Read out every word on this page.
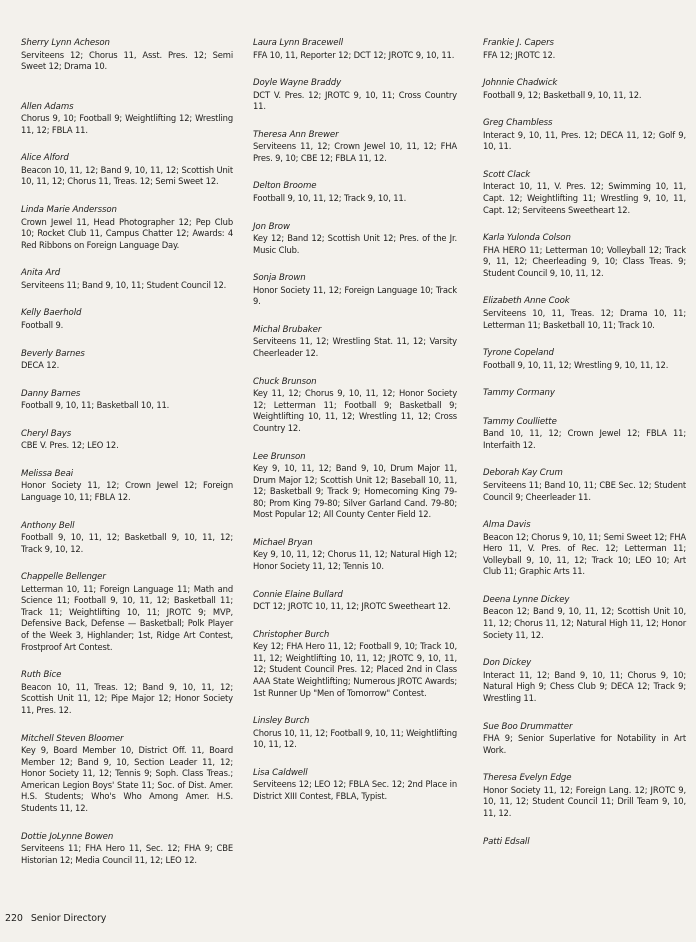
Sherry Lynn Acheson
Serviteens 12; Chorus 11, Asst. Pres. 12; Semi Sweet 12; Drama 10.
Allen Adams
Chorus 9, 10; Football 9; Weightlifting 12; Wrestling 11, 12; FBLA 11.
Alice Alford
Beacon 10, 11, 12; Band 9, 10, 11, 12; Scottish Unit 10, 11, 12; Chorus 11, Treas. 12; Semi Sweet 12.
Linda Marie Andersson
Crown Jewel 11, Head Photographer 12; Pep Club 10; Rocket Club 11, Campus Chatter 12; Awards: 4 Red Ribbons on Foreign Language Day.
Anita Ard
Serviteens 11; Band 9, 10, 11; Student Council 12.
Kelly Baerhold
Football 9.
Beverly Barnes
DECA 12.
Danny Barnes
Football 9, 10, 11; Basketball 10, 11.
Cheryl Bays
CBE V. Pres. 12; LEO 12.
Melissa Beai
Honor Society 11, 12; Crown Jewel 12; Foreign Language 10, 11; FBLA 12.
Anthony Bell
Football 9, 10, 11, 12; Basketball 9, 10, 11, 12; Track 9, 10, 12.
Chappelle Bellenger
Letterman 10, 11; Foreign Language 11; Math and Science 11; Football 9, 10, 11, 12; Basketball 11; Track 11; Weightlifting 10, 11; JROTC 9; MVP, Defensive Back, Defense — Basketball; Polk Player of the Week 3, Highlander; 1st, Ridge Art Contest, Frostproof Art Contest.
Ruth Bice
Beacon 10, 11, Treas. 12; Band 9, 10, 11, 12; Scottish Unit 11, 12; Pipe Major 12; Honor Society 11, Pres. 12.
Mitchell Steven Bloomer
Key 9, Board Member 10, District Off. 11, Board Member 12; Band 9, 10, Section Leader 11, 12; Honor Society 11, 12; Tennis 9; Soph. Class Treas.; American Legion Boys' State 11; Soc. of Dist. Amer. H.S. Students; Who's Who Among Amer. H.S. Students 11, 12.
Dottie JoLynne Bowen
Serviteens 11; FHA Hero 11, Sec. 12; FHA 9; CBE Historian 12; Media Council 11, 12; LEO 12.
Laura Lynn Bracewell
FFA 10, 11, Reporter 12; DCT 12; JROTC 9, 10, 11.
Doyle Wayne Braddy
DCT V. Pres. 12; JROTC 9, 10, 11; Cross Country 11.
Theresa Ann Brewer
Serviteens 11, 12; Crown Jewel 10, 11, 12; FHA Pres. 9, 10; CBE 12; FBLA 11, 12.
Delton Broome
Football 9, 10, 11, 12; Track 9, 10, 11.
Jon Brow
Key 12; Band 12; Scottish Unit 12; Pres. of the Jr. Music Club.
Sonja Brown
Honor Society 11, 12; Foreign Language 10; Track 9.
Michal Brubaker
Serviteens 11, 12; Wrestling Stat. 11, 12; Varsity Cheerleader 12.
Chuck Brunson
Key 11, 12; Chorus 9, 10, 11, 12; Honor Society 12; Letterman 11; Football 9; Basketball 9; Weightlifting 10, 11, 12; Wrestling 11, 12; Cross Country 12.
Lee Brunson
Key 9, 10, 11, 12; Band 9, 10, Drum Major 11, Drum Major 12; Scottish Unit 12; Baseball 10, 11, 12; Basketball 9; Track 9; Homecoming King 79-80; Prom King 79-80; Silver Garland Cand. 79-80; Most Popular 12; All County Center Field 12.
Michael Bryan
Key 9, 10, 11, 12; Chorus 11, 12; Natural High 12; Honor Society 11, 12; Tennis 10.
Connie Elaine Bullard
DCT 12; JROTC 10, 11, 12; JROTC Sweetheart 12.
Christopher Burch
Key 12; FHA Hero 11, 12; Football 9, 10; Track 10, 11, 12; Weightlifting 10, 11, 12; JROTC 9, 10, 11, 12; Student Council Pres. 12; Placed 2nd in Class AAA State Weightlifting; Numerous JROTC Awards; 1st Runner Up "Men of Tomorrow" Contest.
Linsley Burch
Chorus 10, 11, 12; Football 9, 10, 11; Weightlifting 10, 11, 12.
Lisa Caldwell
Serviteens 12; LEO 12; FBLA Sec. 12; 2nd Place in District XIII Contest, FBLA, Typist.
Frankie J. Capers
FFA 12; JROTC 12.
Johnnie Chadwick
Football 9, 12; Basketball 9, 10, 11, 12.
Greg Chambless
Interact 9, 10, 11, Pres. 12; DECA 11, 12; Golf 9, 10, 11.
Scott Clack
Interact 10, 11, V. Pres. 12; Swimming 10, 11, Capt. 12; Weightlifting 11; Wrestling 9, 10, 11, Capt. 12; Serviteens Sweetheart 12.
Karla Yulonda Colson
FHA HERO 11; Letterman 10; Volleyball 12; Track 9, 11, 12; Cheerleading 9, 10; Class Treas. 9; Student Council 9, 10, 11, 12.
Elizabeth Anne Cook
Serviteens 10, 11, Treas. 12; Drama 10, 11; Letterman 11; Basketball 10, 11; Track 10.
Tyrone Copeland
Football 9, 10, 11, 12; Wrestling 9, 10, 11, 12.
Tammy Cormany
Tammy Coulliette
Band 10, 11, 12; Crown Jewel 12; FBLA 11; Interfaith 12.
Deborah Kay Crum
Serviteens 11; Band 10, 11; CBE Sec. 12; Student Council 9; Cheerleader 11.
Alma Davis
Beacon 12; Chorus 9, 10, 11; Semi Sweet 12; FHA Hero 11, V. Pres. of Rec. 12; Letterman 11; Volleyball 9, 10, 11, 12; Track 10; LEO 10; Art Club 11; Graphic Arts 11.
Deena Lynne Dickey
Beacon 12; Band 9, 10, 11, 12; Scottish Unit 10, 11, 12; Chorus 11, 12; Natural High 11, 12; Honor Society 11, 12.
Don Dickey
Interact 11, 12; Band 9, 10, 11; Chorus 9, 10; Natural High 9; Chess Club 9; DECA 12; Track 9; Wrestling 11.
Sue Boo Drummatter
FHA 9; Senior Superlative for Notability in Art Work.
Theresa Evelyn Edge
Honor Society 11, 12; Foreign Lang. 12; JROTC 9, 10, 11, 12; Student Council 11; Drill Team 9, 10, 11, 12.
Patti Edsall
220 Senior Directory
